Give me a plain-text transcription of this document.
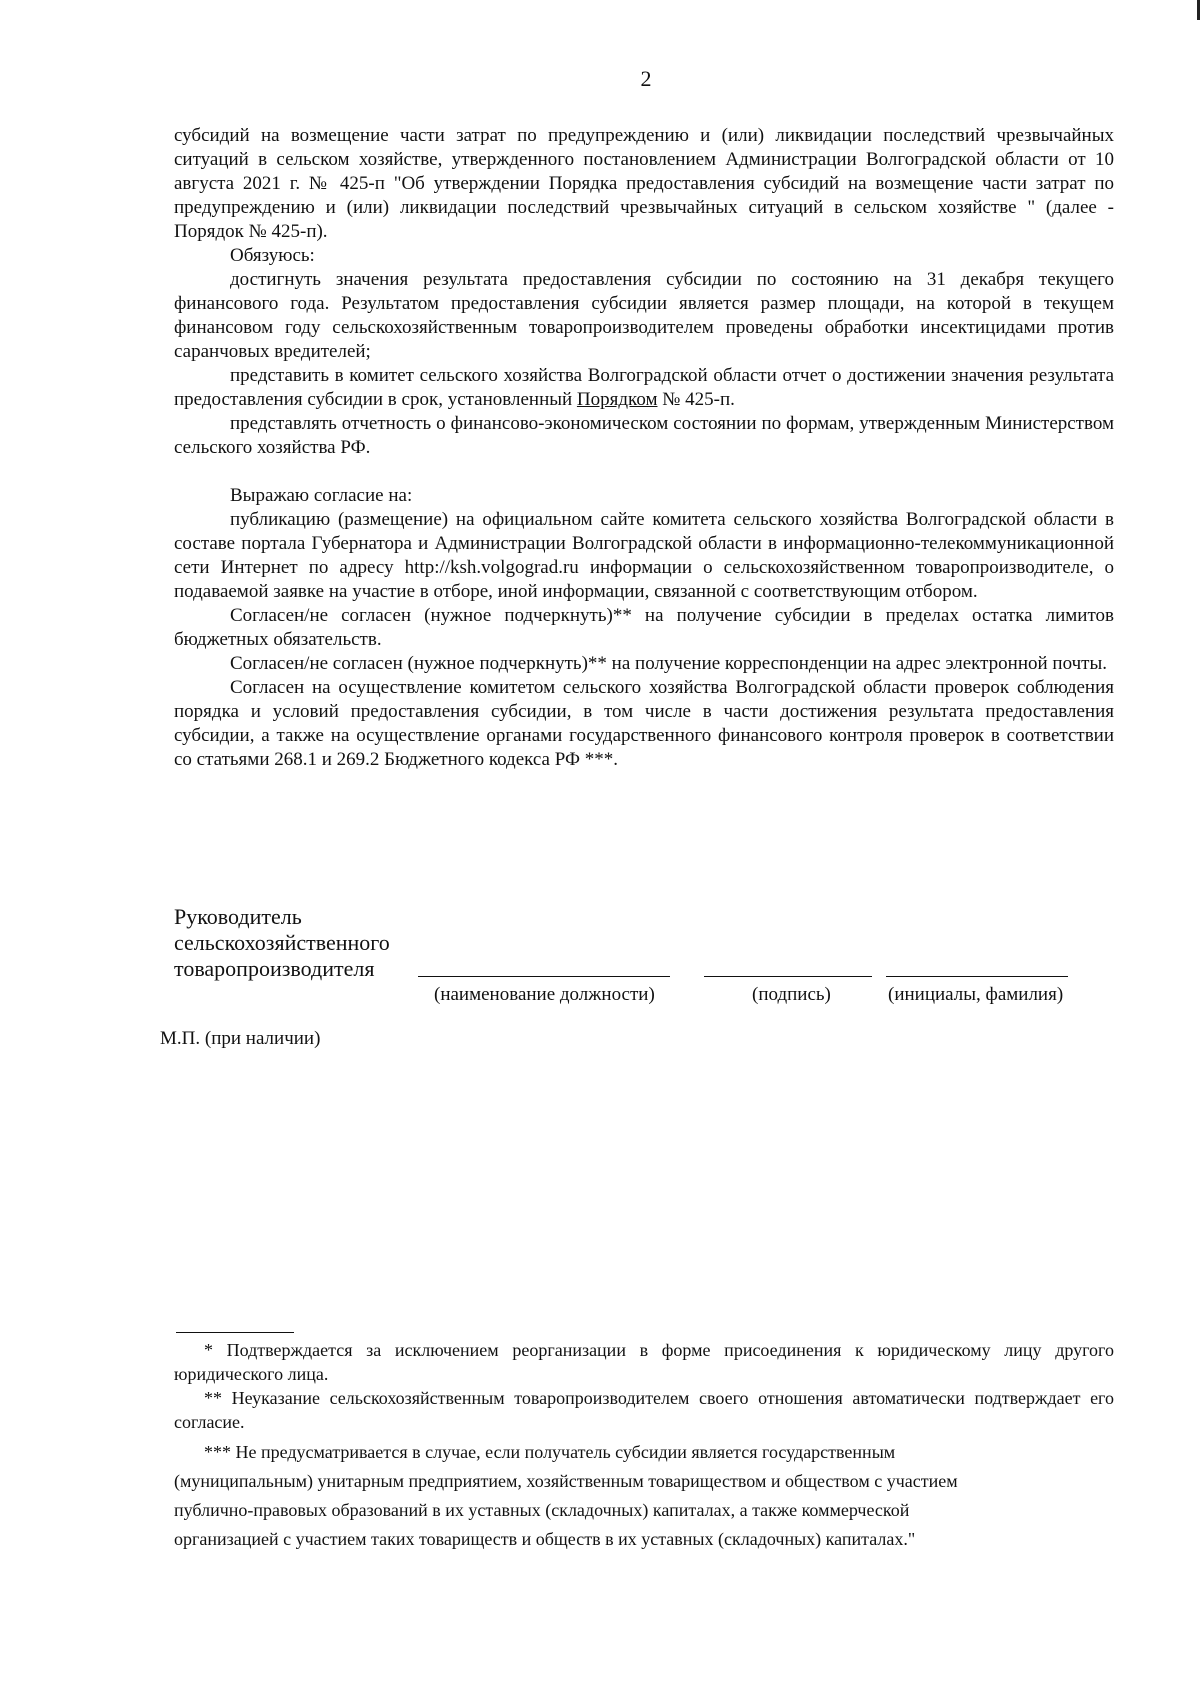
2

субсидий на возмещение части затрат по предупреждению и (или) ликвидации последствий чрезвычайных ситуаций в сельском хозяйстве, утвержденного постановлением Администрации Волгоградской области от 10 августа 2021 г. № 425-п "Об утверждении Порядка предоставления субсидий на возмещение части затрат по предупреждению и (или) ликвидации последствий чрезвычайных ситуаций в сельском хозяйстве " (далее - Порядок № 425-п).

Обязуюсь:

достигнуть значения результата предоставления субсидии по состоянию на 31 декабря текущего финансового года. Результатом предоставления субсидии является размер площади, на которой в текущем финансовом году сельскохозяйственным товаропроизводителем проведены обработки инсектицидами против саранчовых вредителей;

представить в комитет сельского хозяйства Волгоградской области отчет о достижении значения результата предоставления субсидии в срок, установленный Порядком № 425-п.

представлять отчетность о финансово-экономическом состоянии по формам, утвержденным Министерством сельского хозяйства РФ.

Выражаю согласие на:

публикацию (размещение) на официальном сайте комитета сельского хозяйства Волгоградской области в составе портала Губернатора и Администрации Волгоградской области в информационно-телекоммуникационной сети Интернет по адресу http://ksh.volgograd.ru информации о сельскохозяйственном товаропроизводителе, о подаваемой заявке на участие в отборе, иной информации, связанной с соответствующим отбором.

Согласен/не согласен (нужное подчеркнуть)** на получение субсидии в пределах остатка лимитов бюджетных обязательств.

Согласен/не согласен (нужное подчеркнуть)** на получение корреспонденции на адрес электронной почты.

Согласен на осуществление комитетом сельского хозяйства Волгоградской области проверок соблюдения порядка и условий предоставления субсидии, в том числе в части достижения результата предоставления субсидии, а также на осуществление органами государственного финансового контроля проверок в соответствии со статьями 268.1 и 269.2 Бюджетного кодекса РФ ***.

Руководитель
сельскохозяйственного
товаропроизводителя
(наименование должности)	(подпись)	(инициалы, фамилия)
М.П. (при наличии)

* Подтверждается за исключением реорганизации в форме присоединения к юридическому лицу другого юридического лица.

** Неуказание сельскохозяйственным товаропроизводителем своего отношения автоматически подтверждает его согласие.

*** Не предусматривается в случае, если получатель субсидии является государственным
(муниципальным) унитарным предприятием, хозяйственным товариществом и обществом с участием
публично-правовых образований в их уставных (складочных) капиталах, а также коммерческой
организацией с участием таких товариществ и обществ в их уставных (складочных) капиталах."
